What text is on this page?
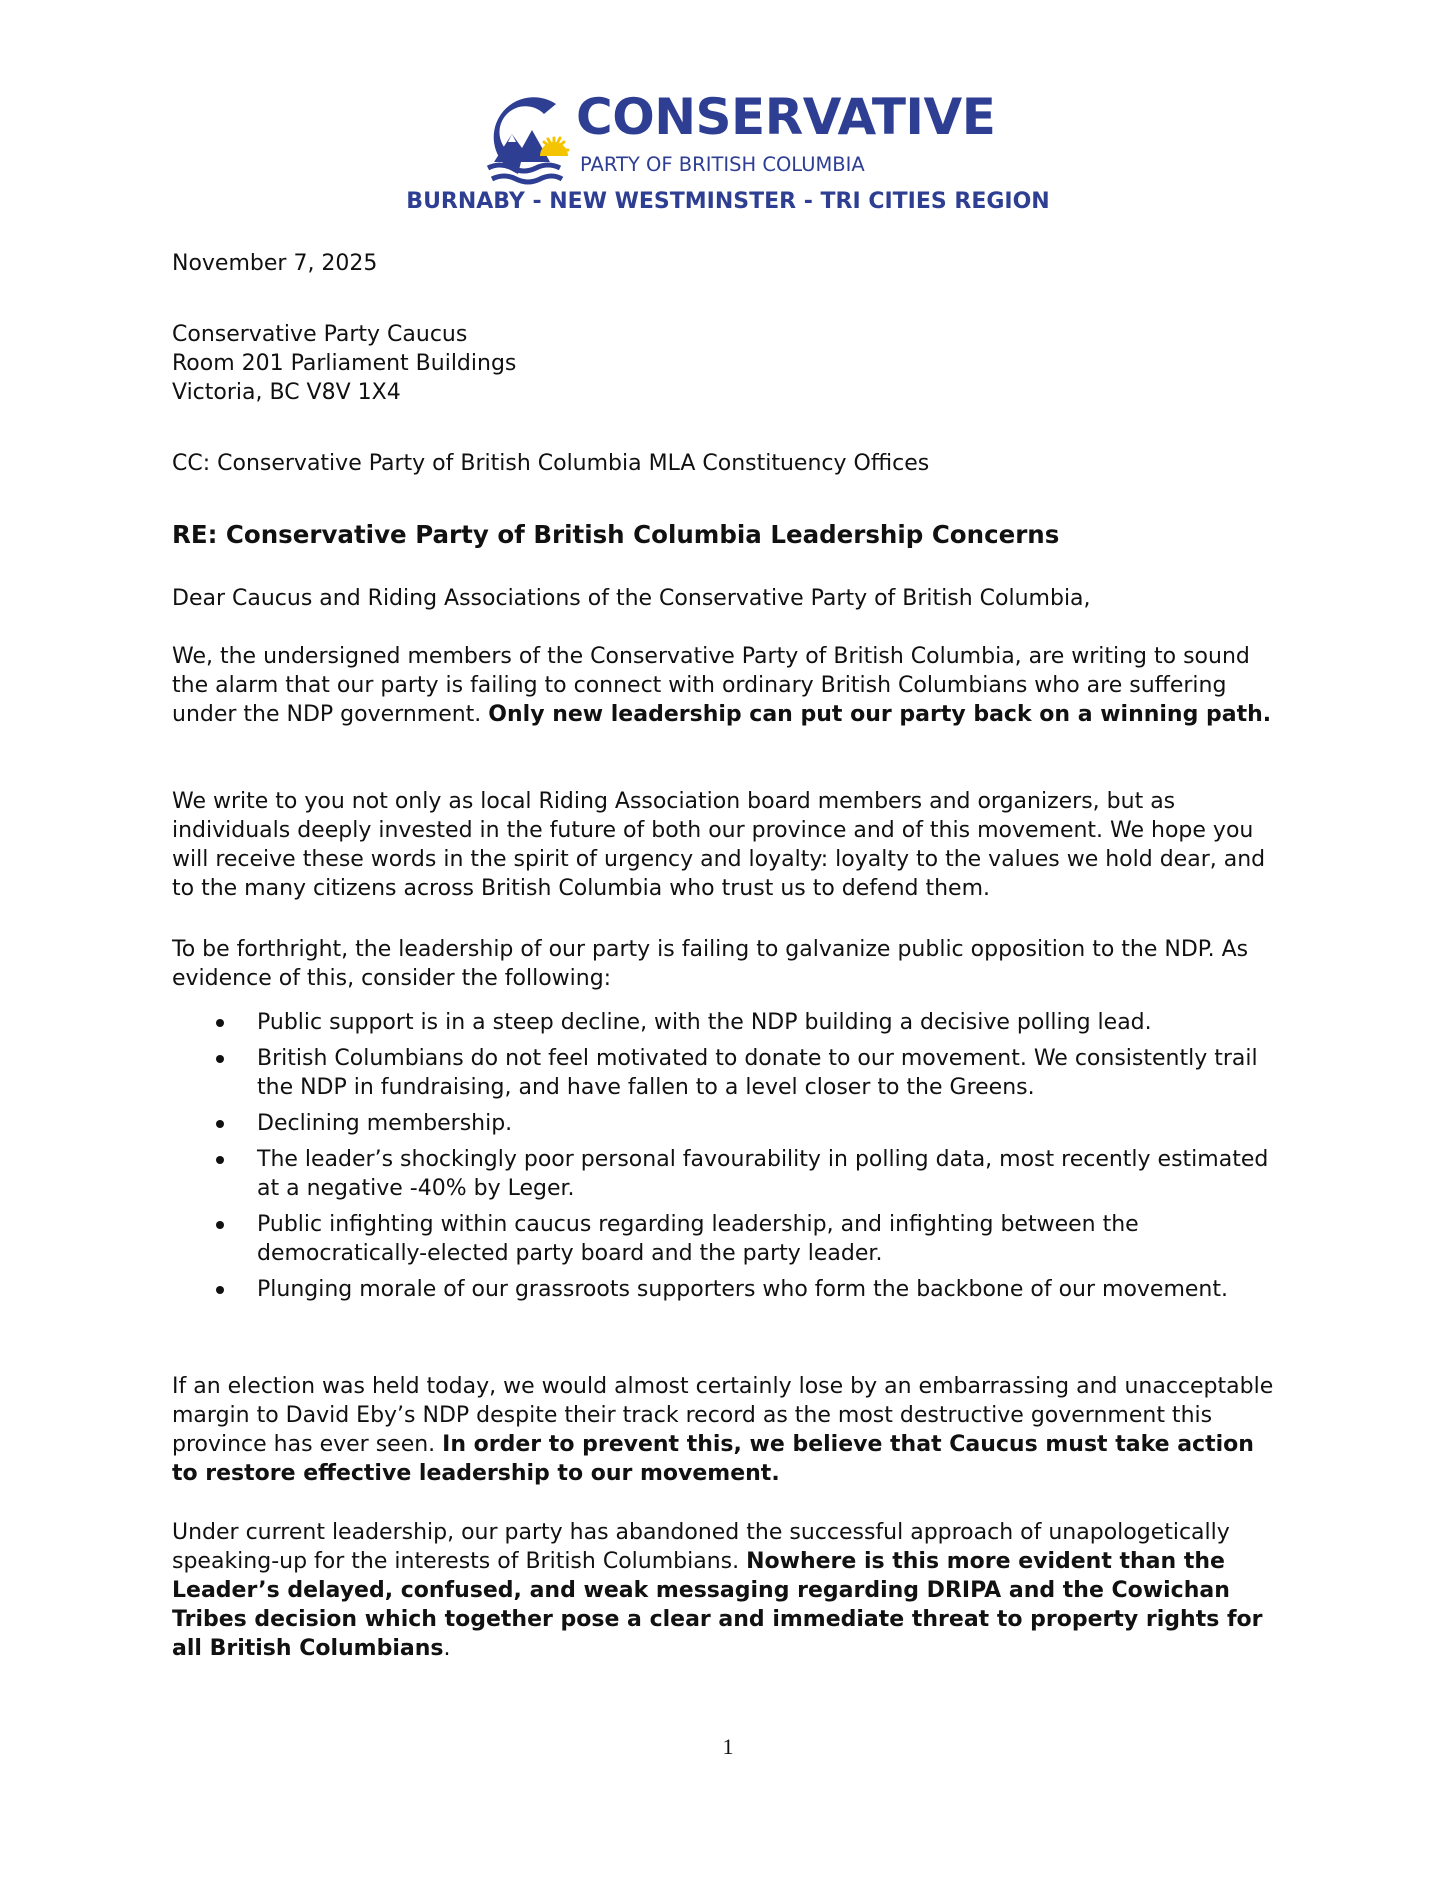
CONSERVATIVE
PARTY OF BRITISH COLUMBIA
BURNABY - NEW WESTMINSTER - TRI CITIES REGION
November 7, 2025
Conservative Party Caucus
Room 201 Parliament Buildings
Victoria, BC V8V 1X4
CC: Conservative Party of British Columbia MLA Constituency Offices
RE: Conservative Party of British Columbia Leadership Concerns
Dear Caucus and Riding Associations of the Conservative Party of British Columbia,
We, the undersigned members of the Conservative Party of British Columbia, are writing to sound the alarm that our party is failing to connect with ordinary British Columbians who are suffering under the NDP government. Only new leadership can put our party back on a winning path.
We write to you not only as local Riding Association board members and organizers, but as individuals deeply invested in the future of both our province and of this movement. We hope you will receive these words in the spirit of urgency and loyalty: loyalty to the values we hold dear, and to the many citizens across British Columbia who trust us to defend them.
To be forthright, the leadership of our party is failing to galvanize public opposition to the NDP. As evidence of this, consider the following:
Public support is in a steep decline, with the NDP building a decisive polling lead.
British Columbians do not feel motivated to donate to our movement. We consistently trail the NDP in fundraising, and have fallen to a level closer to the Greens.
Declining membership.
The leader’s shockingly poor personal favourability in polling data, most recently estimated at a negative -40% by Leger.
Public infighting within caucus regarding leadership, and infighting between the democratically-elected party board and the party leader.
Plunging morale of our grassroots supporters who form the backbone of our movement.
If an election was held today, we would almost certainly lose by an embarrassing and unacceptable margin to David Eby’s NDP despite their track record as the most destructive government this province has ever seen. In order to prevent this, we believe that Caucus must take action to restore effective leadership to our movement.
Under current leadership, our party has abandoned the successful approach of unapologetically speaking-up for the interests of British Columbians. Nowhere is this more evident than the Leader’s delayed, confused, and weak messaging regarding DRIPA and the Cowichan Tribes decision which together pose a clear and immediate threat to property rights for all British Columbians.
1
